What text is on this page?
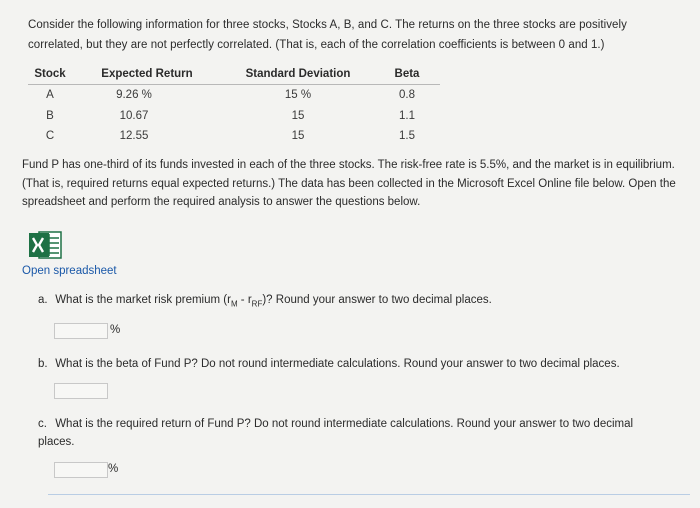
Consider the following information for three stocks, Stocks A, B, and C. The returns on the three stocks are positively correlated, but they are not perfectly correlated. (That is, each of the correlation coefficients is between 0 and 1.)
Stock	Expected Return	Standard Deviation	Beta
A	9.26 %	15 %	0.8
B	10.67	15	1.1
C	12.55	15	1.5
Fund P has one-third of its funds invested in each of the three stocks. The risk-free rate is 5.5%, and the market is in equilibrium. (That is, required returns equal expected returns.) The data has been collected in the Microsoft Excel Online file below. Open the spreadsheet and perform the required analysis to answer the questions below.
Open spreadsheet
a. What is the market risk premium $(r_M - r_{RF})$? Round your answer to two decimal places.
%
b. What is the beta of Fund P? Do not round intermediate calculations. Round your answer to two decimal places.
c. What is the required return of Fund P? Do not round intermediate calculations. Round your answer to two decimal places.
%
